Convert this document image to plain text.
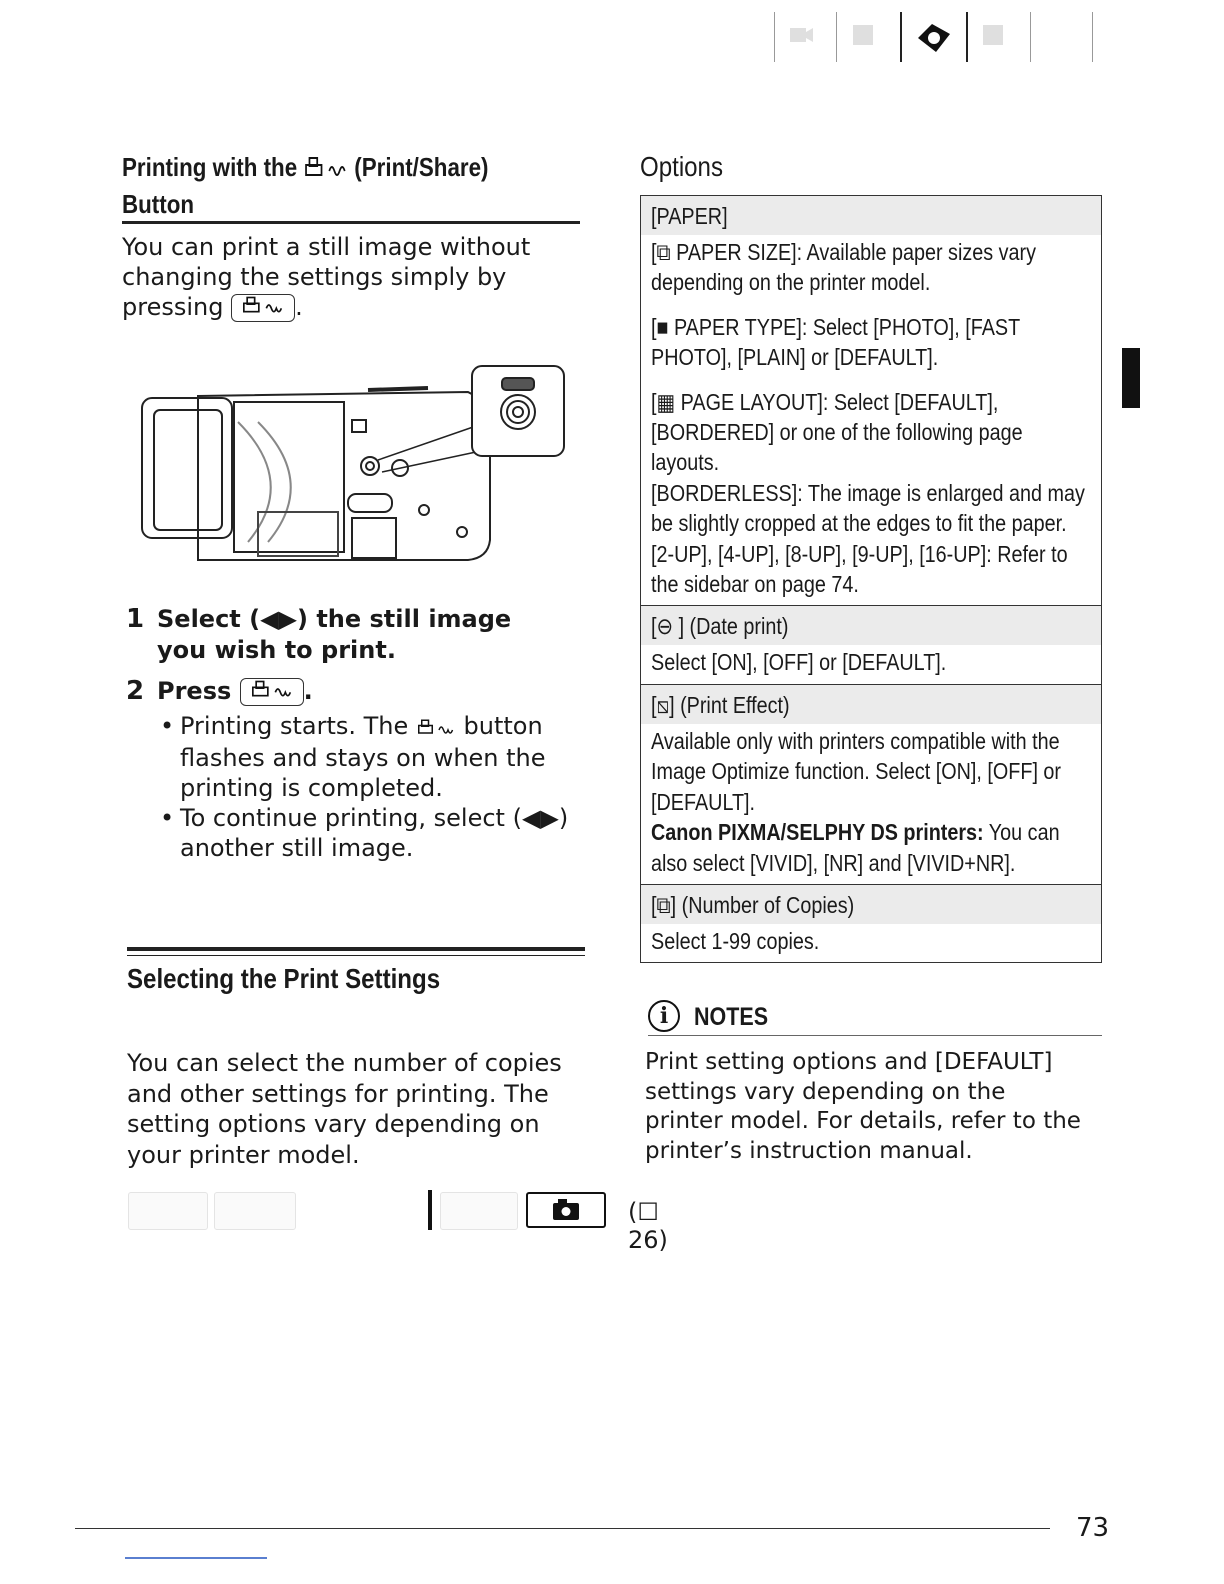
Printing with the (Print/Share)
Button
You can print a still image without changing the settings simply by pressing	.
1 Select (◀▶) the still image you wish to print.
2 Press	.
• Printing starts. The button flashes and stays on when the printing is completed.
• To continue printing, select (◀▶) another still image.
Selecting the Print Settings
You can select the number of copies and other settings for printing. The setting options vary depending on your printer model.
(☐ 26)
Options
[PAPER]
[⧉ PAPER SIZE]: Available paper sizes vary depending on the printer model.
[■ PAPER TYPE]: Select [PHOTO], [FAST PHOTO], [PLAIN] or [DEFAULT].
[▦ PAGE LAYOUT]: Select [DEFAULT], [BORDERED] or one of the following page layouts.
[BORDERLESS]: The image is enlarged and may be slightly cropped at the edges to fit the paper.
[2-UP], [4-UP], [8-UP], [9-UP], [16-UP]: Refer to the sidebar on page 74.
[⊖ ] (Date print)
Select [ON], [OFF] or [DEFAULT].
[⧅] (Print Effect)
Available only with printers compatible with the Image Optimize function. Select [ON], [OFF] or [DEFAULT].
Canon PIXMA/SELPHY DS printers: You can also select [VIVID], [NR] and [VIVID+NR].
[⧉] (Number of Copies)
Select 1-99 copies.
i	NOTES
Print setting options and [DEFAULT] settings vary depending on the printer model. For details, refer to the printer’s instruction manual.
73
